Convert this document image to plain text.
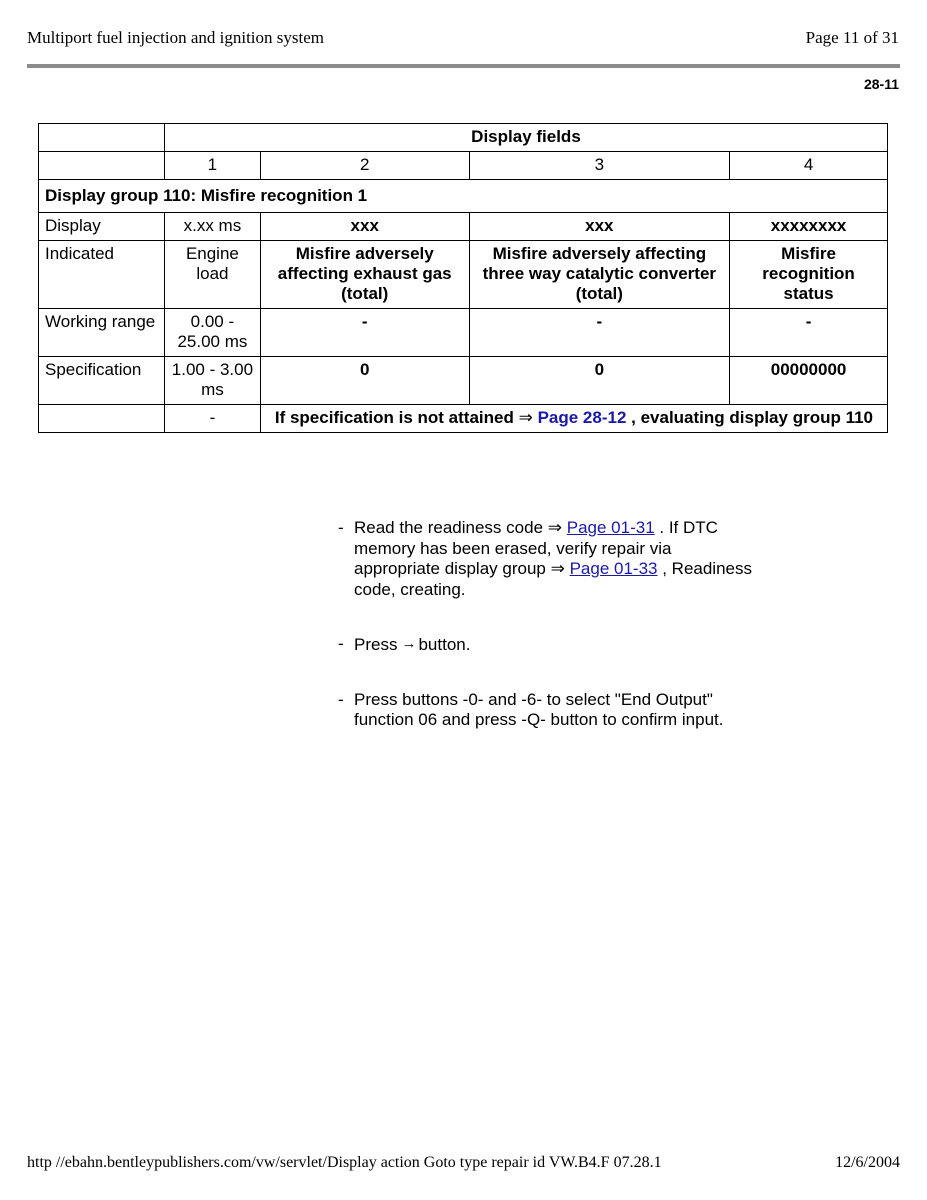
Multiport fuel injection and ignition system	Page 11 of 31
28-11
	Display fields			
	1	2	3	4
Display group 110: Misfire recognition 1				
Display	x.xx ms	xxx	xxx	xxxxxxxx
Indicated	Engine load	Misfire adversely affecting exhaust gas (total)	Misfire adversely affecting three way catalytic converter (total)	Misfire recognition status
Working range	0.00 - 25.00 ms	-	-	-
Specification	1.00 - 3.00 ms	0	0	00000000
	-	If specification is not attained ⇒ Page 28-12 , evaluating display group 110		
- Read the readiness code ⇒ Page 01-31 . If DTC memory has been erased, verify repair via appropriate display group ⇒ Page 01-33 , Readiness code, creating.
- Press → button.
- Press buttons -0- and -6- to select "End Output" function 06 and press -Q- button to confirm input.
http //ebahn.bentleypublishers.com/vw/servlet/Display action Goto type repair id VW.B4.F 07.28.1	12/6/2004
